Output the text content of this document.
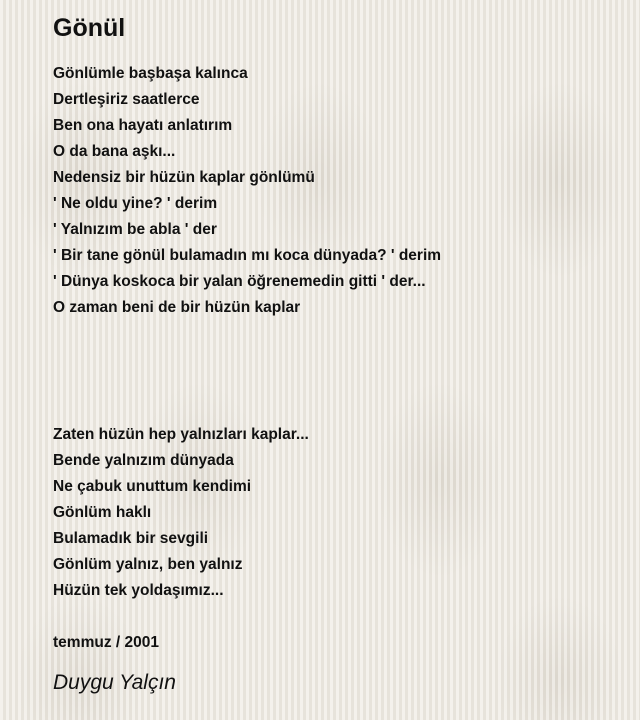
Gönül
Gönlümle başbaşa kalınca
Dertleşiriz saatlerce
Ben ona hayatı anlatırım
O da bana aşkı...
Nedensiz bir hüzün kaplar gönlümü
' Ne oldu yine? ' derim
' Yalnızım be abla ' der
' Bir tane gönül bulamadın mı koca dünyada? ' derim
' Dünya koskoca bir yalan öğrenemedin gitti ' der...
O zaman beni de bir hüzün kaplar
Zaten hüzün hep yalnızları kaplar...
Bende yalnızım dünyada
Ne çabuk unuttum kendimi
Gönlüm haklı
Bulamadık bir sevgili
Gönlüm yalnız, ben yalnız
Hüzün tek yoldaşımız...
temmuz / 2001
Duygu Yalçın
